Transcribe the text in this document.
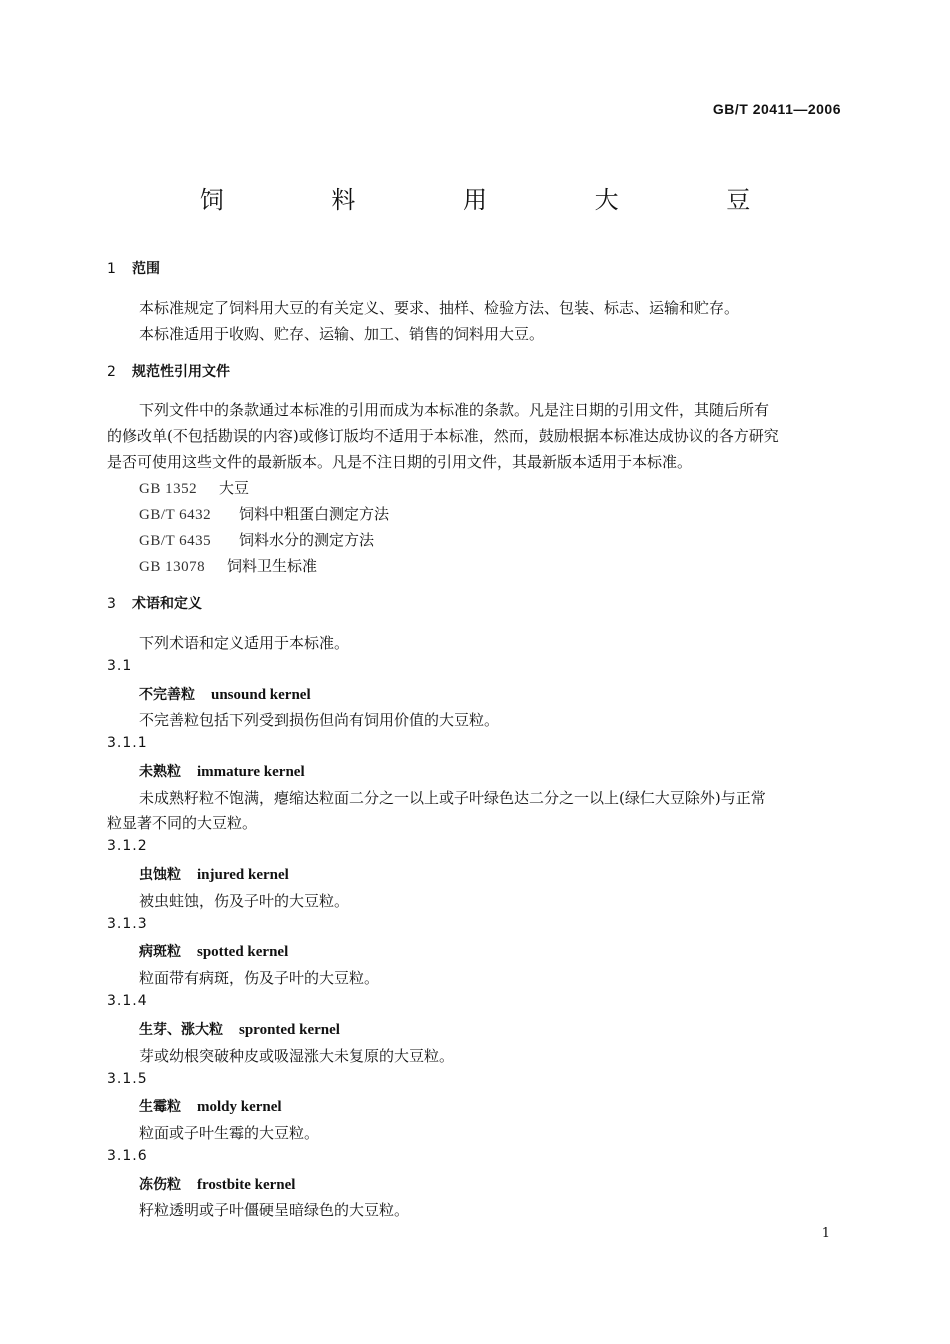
GB/T 20411—2006
饲 料 用 大 豆
1 范围
本标准规定了饲料用大豆的有关定义、要求、抽样、检验方法、包装、标志、运输和贮存。
本标准适用于收购、贮存、运输、加工、销售的饲料用大豆。
2 规范性引用文件
下列文件中的条款通过本标准的引用而成为本标准的条款。凡是注日期的引用文件，其随后所有
的修改单(不包括勘误的内容)或修订版均不适用于本标准，然而，鼓励根据本标准达成协议的各方研究
是否可使用这些文件的最新版本。凡是不注日期的引用文件，其最新版本适用于本标准。
GB 1352 大豆
GB/T 6432 饲料中粗蛋白测定方法
GB/T 6435 饲料水分的测定方法
GB 13078 饲料卫生标准
3 术语和定义
下列术语和定义适用于本标准。
3.1
不完善粒 unsound kernel
不完善粒包括下列受到损伤但尚有饲用价值的大豆粒。
3.1.1
未熟粒 immature kernel
未成熟籽粒不饱满，瘪缩达粒面二分之一以上或子叶绿色达二分之一以上(绿仁大豆除外)与正常
粒显著不同的大豆粒。
3.1.2
虫蚀粒 injured kernel
被虫蛀蚀，伤及子叶的大豆粒。
3.1.3
病斑粒 spotted kernel
粒面带有病斑，伤及子叶的大豆粒。
3.1.4
生芽、涨大粒 spronted kernel
芽或幼根突破种皮或吸湿涨大未复原的大豆粒。
3.1.5
生霉粒 moldy kernel
粒面或子叶生霉的大豆粒。
3.1.6
冻伤粒 frostbite kernel
籽粒透明或子叶僵硬呈暗绿色的大豆粒。
1
